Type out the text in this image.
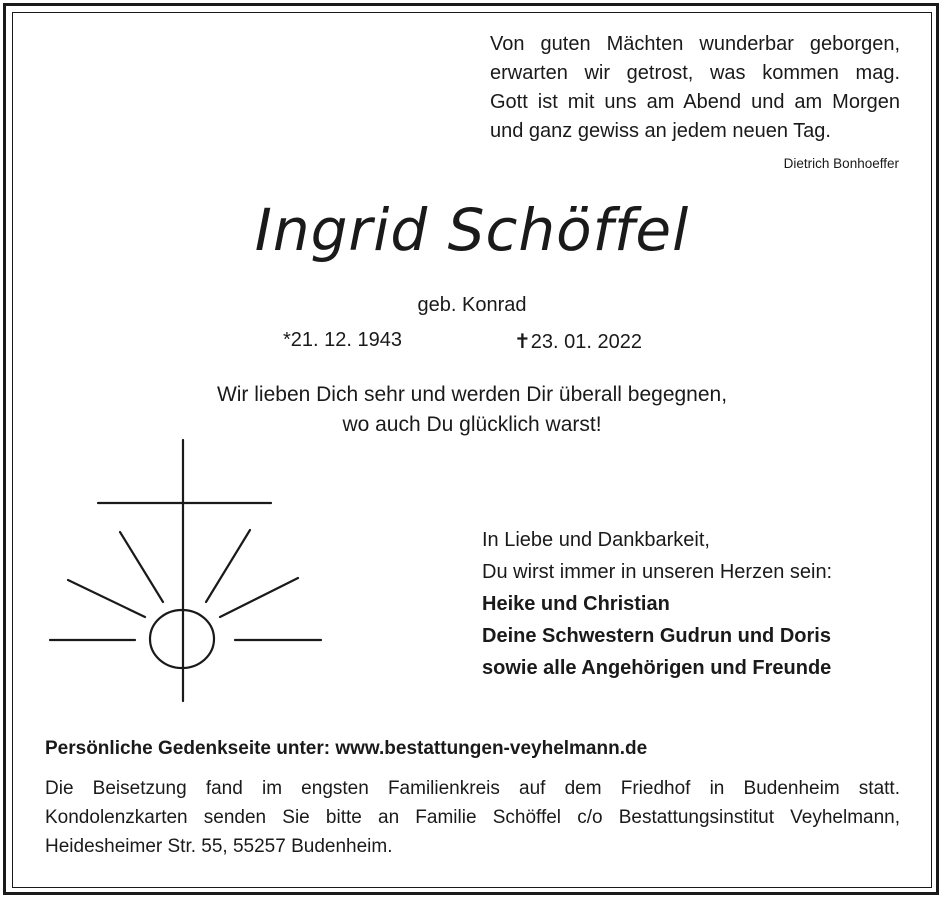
Von guten Mächten wunderbar geborgen,
erwarten wir getrost, was kommen mag.
Gott ist mit uns am Abend und am Morgen
und ganz gewiss an jedem neuen Tag.
Dietrich Bonhoeffer
Ingrid Schöffel
geb. Konrad
*21. 12. 1943	✝23. 01. 2022
Wir lieben Dich sehr und werden Dir überall begegnen,
wo auch Du glücklich warst!
In Liebe und Dankbarkeit,
Du wirst immer in unseren Herzen sein:
Heike und Christian
Deine Schwestern Gudrun und Doris
sowie alle Angehörigen und Freunde
Persönliche Gedenkseite unter: www.bestattungen-veyhelmann.de
Die Beisetzung fand im engsten Familienkreis auf dem Friedhof in Budenheim statt.
Kondolenzkarten senden Sie bitte an Familie Schöffel c/o Bestattungsinstitut Veyhelmann,
Heidesheimer Str. 55, 55257 Budenheim.
